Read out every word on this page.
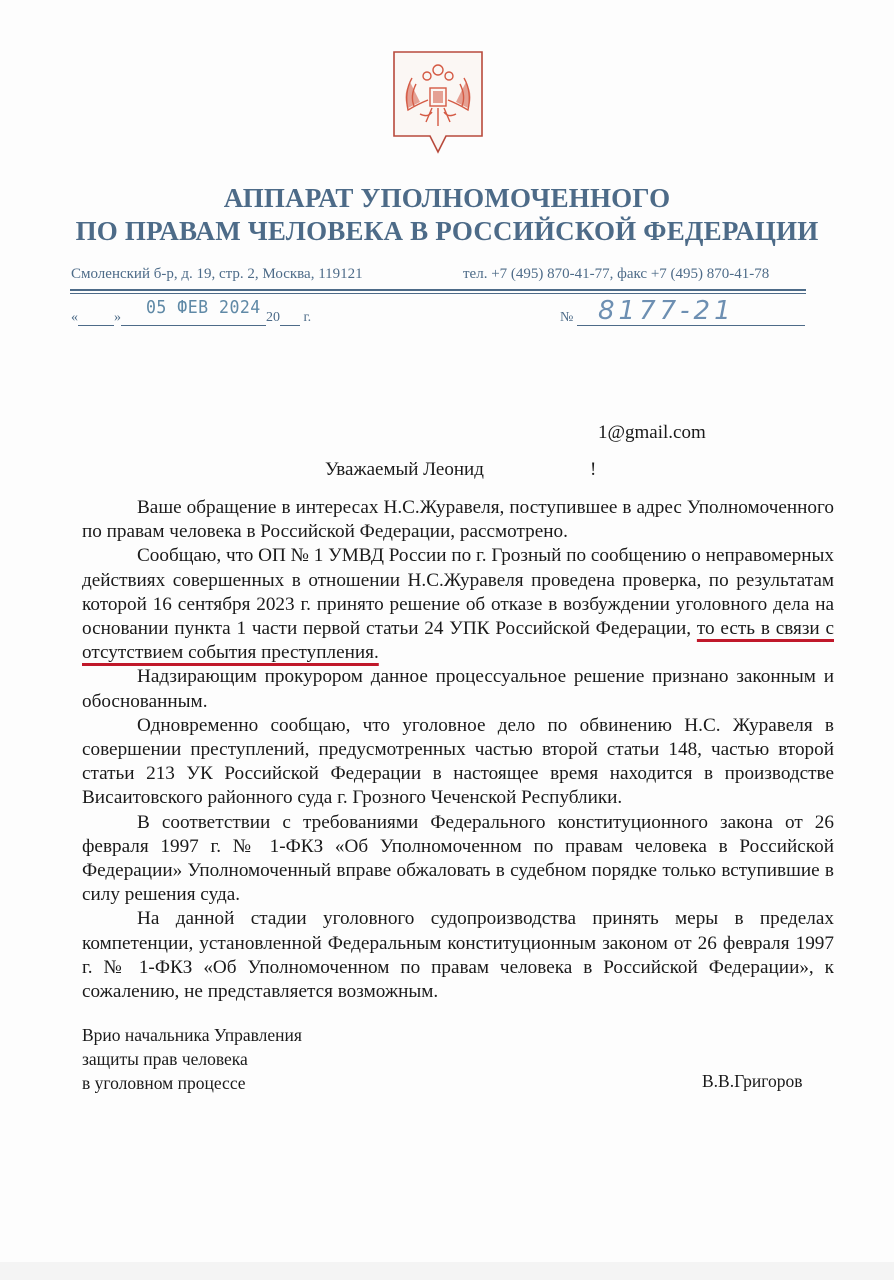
АППАРАТ УПОЛНОМОЧЕННОГО
ПО ПРАВАМ ЧЕЛОВЕКА В РОССИЙСКОЙ ФЕДЕРАЦИИ
Смоленский б-р, д. 19, стр. 2, Москва, 119121	тел. +7 (495) 870-41-77, факс +7 (495) 870-41-78
«	»	20 г.
05 ФЕВ 2024	№ 8177-21
1@gmail.com
Уважаемый Леонид	!

Ваше обращение в интересах Н.С.Журавеля, поступившее в адрес Уполномоченного по правам человека в Российской Федерации, рассмотрено.

Сообщаю, что ОП № 1 УМВД России по г. Грозный по сообщению о неправомерных действиях совершенных в отношении Н.С.Журавеля проведена проверка, по результатам которой 16 сентября 2023 г. принято решение об отказе в возбуждении уголовного дела на основании пункта 1 части первой статьи 24 УПК Российской Федерации, то есть в связи с отсутствием события преступления.

Надзирающим прокурором данное процессуальное решение признано законным и обоснованным.

Одновременно сообщаю, что уголовное дело по обвинению Н.С. Журавеля в совершении преступлений, предусмотренных частью второй статьи 148, частью второй статьи 213 УК Российской Федерации в настоящее время находится в производстве Висаитовского районного суда г. Грозного Чеченской Республики.

В соответствии с требованиями Федерального конституционного закона от 26 февраля 1997 г. № 1-ФКЗ «Об Уполномоченном по правам человека в Российской Федерации» Уполномоченный вправе обжаловать в судебном порядке только вступившие в силу решения суда.

На данной стадии уголовного судопроизводства принять меры в пределах компетенции, установленной Федеральным конституционным законом от 26 февраля 1997 г. № 1-ФКЗ «Об Уполномоченном по правам человека в Российской Федерации», к сожалению, не представляется возможным.

Врио начальника Управления
защиты прав человека
в уголовном процессе	В.В.Григоров
